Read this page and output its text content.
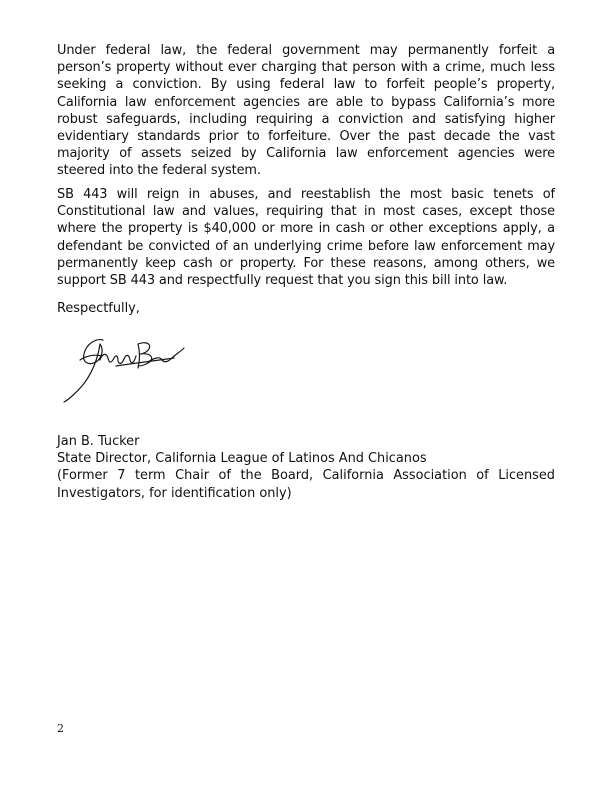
Under federal law, the federal government may permanently forfeit a person’s property without ever charging that person with a crime, much less seeking a conviction. By using federal law to forfeit people’s property, California law enforcement agencies are able to bypass California’s more robust safeguards, including requiring a conviction and satisfying higher evidentiary standards prior to forfeiture. Over the past decade the vast majority of assets seized by California law enforcement agencies were steered into the federal system.

SB 443 will reign in abuses, and reestablish the most basic tenets of Constitutional law and values, requiring that in most cases, except those where the property is $40,000 or more in cash or other exceptions apply, a defendant be convicted of an underlying crime before law enforcement may permanently keep cash or property. For these reasons, among others, we support SB 443 and respectfully request that you sign this bill into law.

Respectfully,

Jan B. Tucker
State Director, California League of Latinos And Chicanos
(Former 7 term Chair of the Board, California Association of Licensed Investigators, for identification only)
2
